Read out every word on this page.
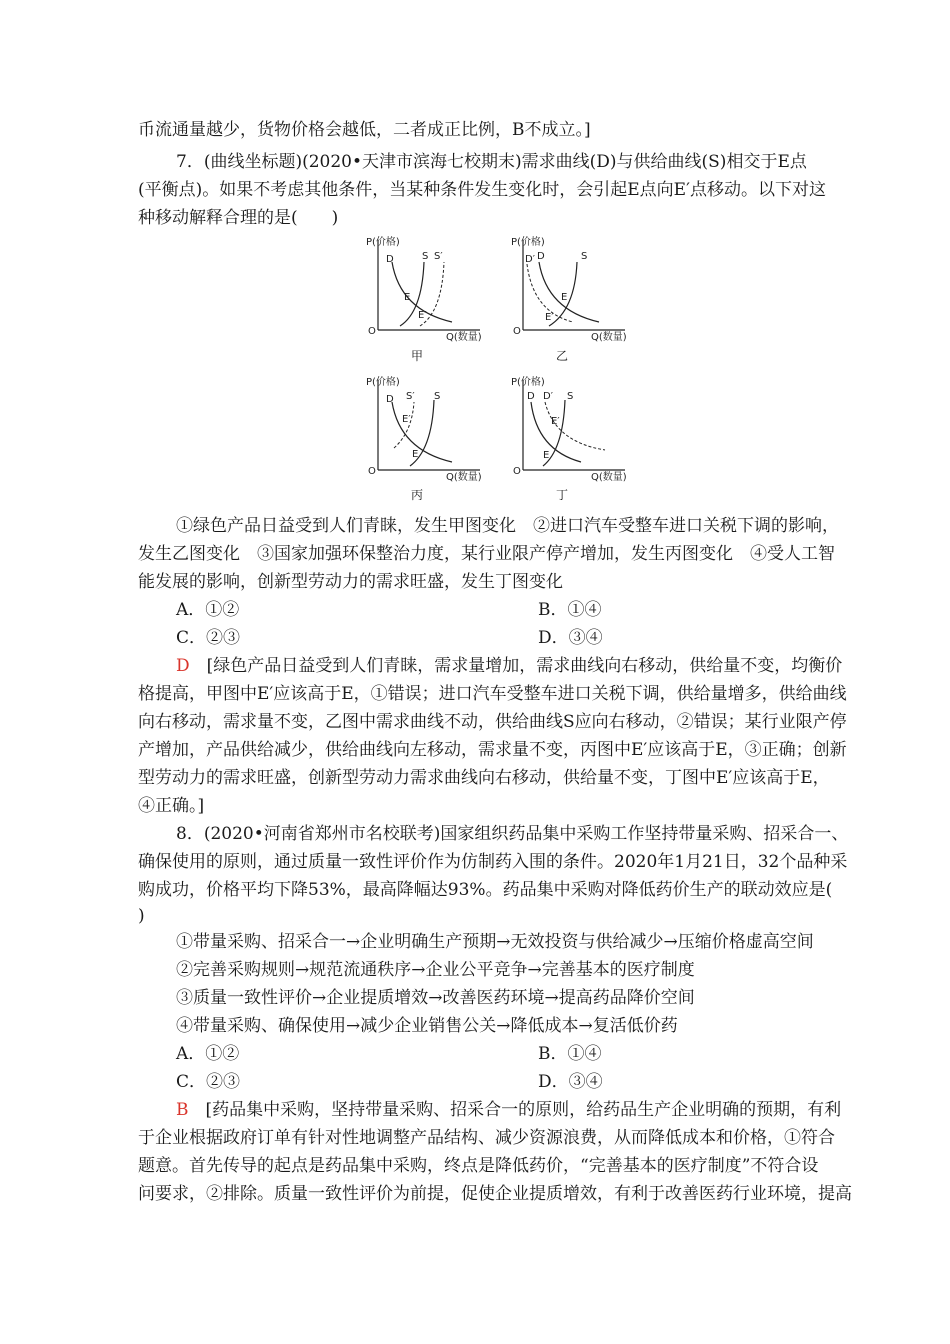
币流通量越少，货物价格会越低，二者成正比例，B不成立。]
7．(曲线坐标题)(2020•天津市滨海七校期末)需求曲线(D)与供给曲线(S)相交于E点
(平衡点)。如果不考虑其他条件，当某种条件发生变化时，会引起E点向E′点移动。以下对这
种移动解释合理的是(　　)
P(价格)
Q(数量)
O
D	S S′
E
E′
甲
P(价格)
Q(数量)
O
D′ D	S
E
E′
乙
P(价格)
Q(数量)
O
D S′ S
E′
E
丙
P(价格)
Q(数量)
O
D D′ S
E′
E
丁
①绿色产品日益受到人们青睐，发生甲图变化　②进口汽车受整车进口关税下调的影响，
发生乙图变化　③国家加强环保整治力度，某行业限产停产增加，发生丙图变化　④受人工智
能发展的影响，创新型劳动力的需求旺盛，发生丁图变化
A．①②	B．①④
C．②③	D．③④
D　 [绿色产品日益受到人们青睐，需求量增加，需求曲线向右移动，供给量不变，均衡价
格提高，甲图中E′应该高于E，①错误；进口汽车受整车进口关税下调，供给量增多，供给曲线
向右移动，需求量不变，乙图中需求曲线不动，供给曲线S应向右移动，②错误；某行业限产停
产增加，产品供给减少，供给曲线向左移动，需求量不变，丙图中E′应该高于E，③正确；创新
型劳动力的需求旺盛，创新型劳动力需求曲线向右移动，供给量不变，丁图中E′应该高于E，
④正确。]
8．(2020•河南省郑州市名校联考)国家组织药品集中采购工作坚持带量采购、招采合一、
确保使用的原则，通过质量一致性评价作为仿制药入围的条件。2020年1月21日，32个品种采
购成功，价格平均下降53%，最高降幅达93%。药品集中采购对降低药价生产的联动效应是(
)
①带量采购、招采合一→企业明确生产预期→无效投资与供给减少→压缩价格虚高空间
②完善采购规则→规范流通秩序→企业公平竞争→完善基本的医疗制度
③质量一致性评价→企业提质增效→改善医药环境→提高药品降价空间
④带量采购、确保使用→减少企业销售公关→降低成本→复活低价药
A．①②	B．①④
C．②③	D．③④
B　 [药品集中采购，坚持带量采购、招采合一的原则，给药品生产企业明确的预期，有利
于企业根据政府订单有针对性地调整产品结构、减少资源浪费，从而降低成本和价格，①符合
题意。首先传导的起点是药品集中采购，终点是降低药价，“完善基本的医疗制度”不符合设
问要求，②排除。质量一致性评价为前提，促使企业提质增效，有利于改善医药行业环境，提高
